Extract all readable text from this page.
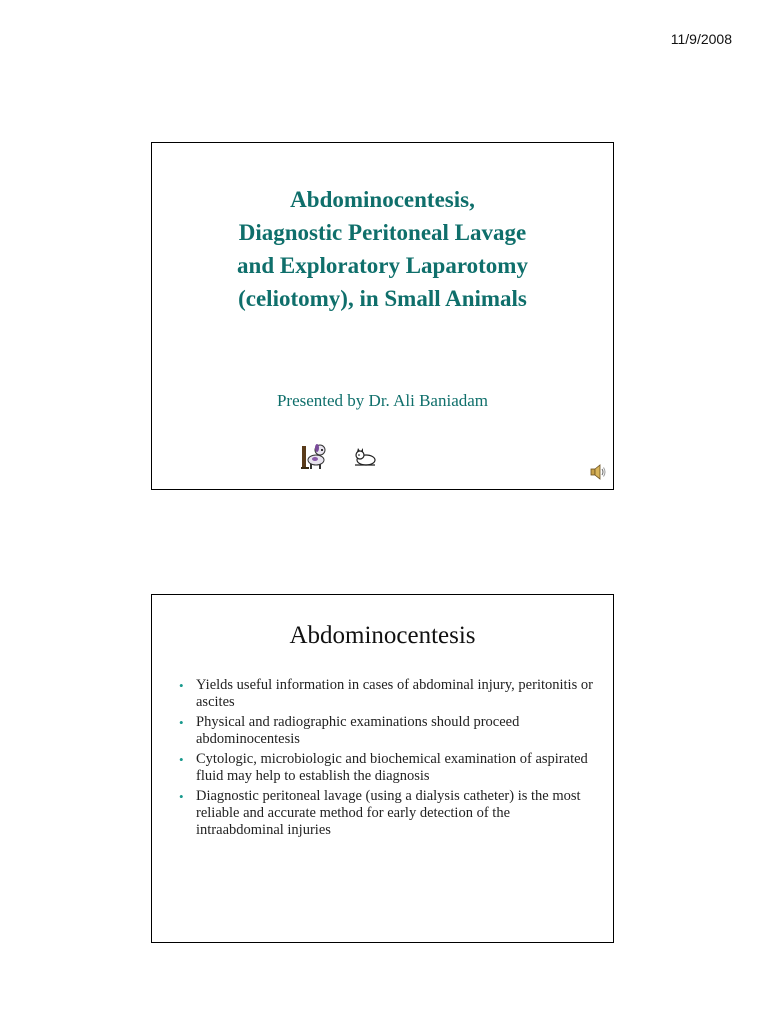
11/9/2008
Abdominocentesis,
Diagnostic Peritoneal Lavage
and Exploratory Laparotomy
(celiotomy), in Small Animals
Presented by Dr. Ali Baniadam
Abdominocentesis
• Yields useful information in cases of abdominal injury, peritonitis or ascites
• Physical and radiographic examinations should proceed abdominocentesis
• Cytologic, microbiologic and biochemical examination of aspirated fluid may help to establish the diagnosis
• Diagnostic peritoneal lavage (using a dialysis catheter) is the most reliable and accurate method for early detection of the intraabdominal injuries
